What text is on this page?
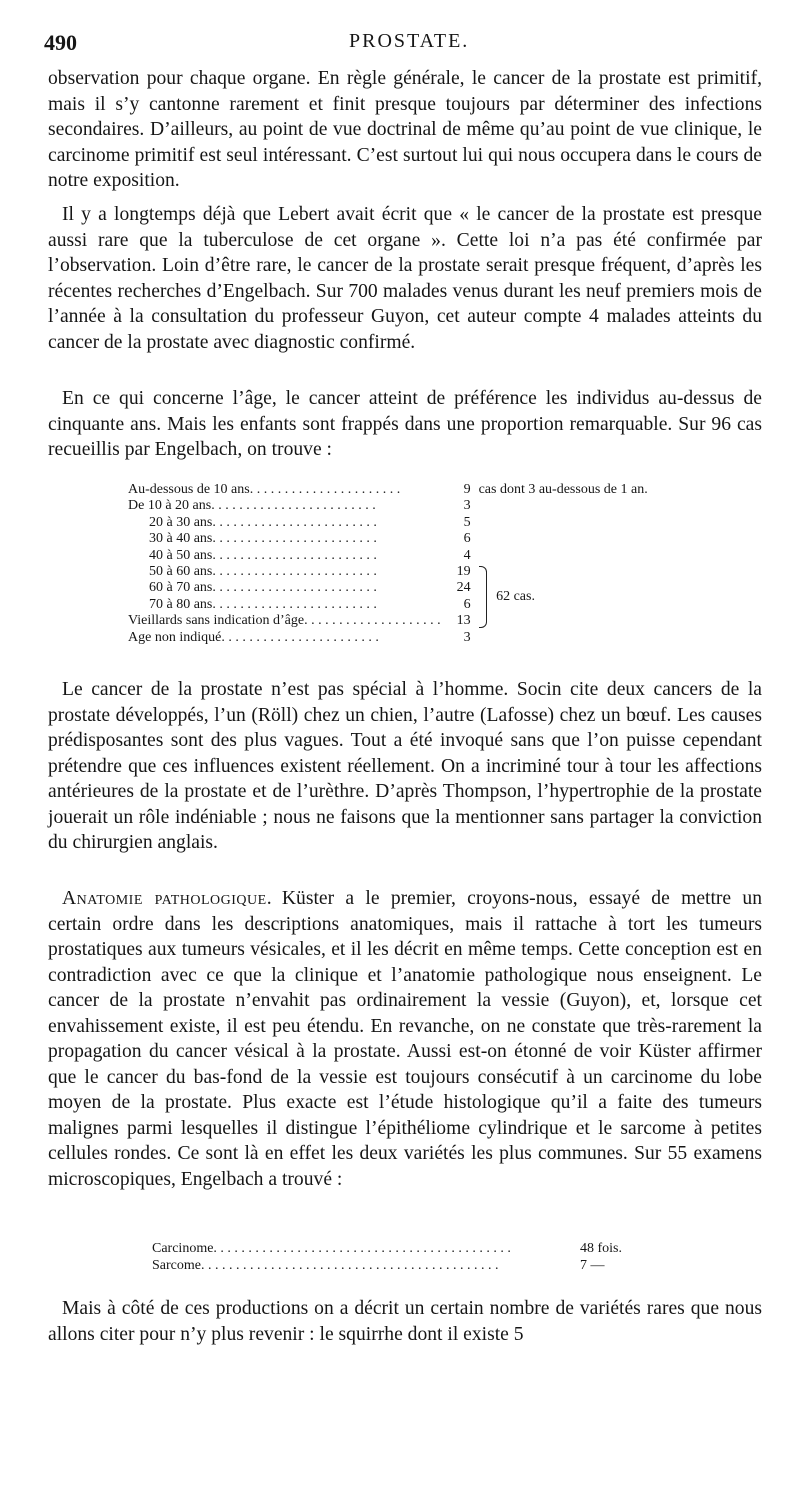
490	PROSTATE.

observation pour chaque organe. En règle générale, le cancer de la prostate est primitif, mais il s’y cantonne rarement et finit presque toujours par déterminer des infections secondaires. D’ailleurs, au point de vue doctrinal de même qu’au point de vue clinique, le carcinome primitif est seul intéressant. C’est surtout lui qui nous occupera dans le cours de notre exposition.

Il y a longtemps déjà que Lebert avait écrit que « le cancer de la prostate est presque aussi rare que la tuberculose de cet organe ». Cette loi n’a pas été confirmée par l’observation. Loin d’être rare, le cancer de la prostate serait presque fréquent, d’après les récentes recherches d’Engelbach. Sur 700 malades venus durant les neuf premiers mois de l’année à la consultation du professeur Guyon, cet auteur compte 4 malades atteints du cancer de la prostate avec diagnostic confirmé.

En ce qui concerne l’âge, le cancer atteint de préférence les individus au-dessus de cinquante ans. Mais les enfants sont frappés dans une proportion remarquable. Sur 96 cas recueillis par Engelbach, on trouve :

Au-dessous de 10 ans. . . . . . . . . . . . . . . . . . . . . .	9	cas dont 3 au-dessous de 1 an.
De 10 à 20 ans. . . . . . . . . . . . . . . . . . . . . . . .	3	
  20 à 30 ans. . . . . . . . . . . . . . . . . . . . . . . .	5	
  30 à 40 ans. . . . . . . . . . . . . . . . . . . . . . . .	6	
  40 à 50 ans. . . . . . . . . . . . . . . . . . . . . . . .	4	
  50 à 60 ans. . . . . . . . . . . . . . . . . . . . . . . .	19	62 cas.
  60 à 70 ans. . . . . . . . . . . . . . . . . . . . . . . .	24	
  70 à 80 ans. . . . . . . . . . . . . . . . . . . . . . . .	6	
Vieillards sans indication d’âge. . . . . . . . . . . . . . . . . . . .	13	
Age non indiqué. . . . . . . . . . . . . . . . . . . . . . .	3	

Le cancer de la prostate n’est pas spécial à l’homme. Socin cite deux cancers de la prostate développés, l’un (Röll) chez un chien, l’autre (Lafosse) chez un bœuf. Les causes prédisposantes sont des plus vagues. Tout a été invoqué sans que l’on puisse cependant prétendre que ces influences existent réellement. On a incriminé tour à tour les affections antérieures de la prostate et de l’urèthre. D’après Thompson, l’hypertrophie de la prostate jouerait un rôle indéniable ; nous ne faisons que la mentionner sans partager la conviction du chirurgien anglais.

Anatomie pathologique.  Küster a le premier, croyons-nous, essayé de mettre un certain ordre dans les descriptions anatomiques, mais il rattache à tort les tumeurs prostatiques aux tumeurs vésicales, et il les décrit en même temps. Cette conception est en contradiction avec ce que la clinique et l’anatomie pathologique nous enseignent. Le cancer de la prostate n’envahit pas ordinairement la vessie (Guyon), et, lorsque cet envahissement existe, il est peu étendu. En revanche, on ne constate que très-rarement la propagation du cancer vésical à la prostate. Aussi est-on étonné de voir Küster affirmer que le cancer du bas-fond de la vessie est toujours consécutif à un carcinome du lobe moyen de la prostate. Plus exacte est l’étude histologique qu’il a faite des tumeurs malignes parmi lesquelles il distingue l’épithéliome cylindrique et le sarcome à petites cellules rondes. Ce sont là en effet les deux variétés les plus communes. Sur 55 examens microscopiques, Engelbach a trouvé :

Carcinome. . . . . . . . . . . . . . . . . . . . . . . . . . . . . . . . . . . . . . . . . . .	48 fois.
Sarcome. . . . . . . . . . . . . . . . . . . . . . . . . . . . . . . . . . . . . . . . . . .	7 —

Mais à côté de ces productions on a décrit un certain nombre de variétés rares que nous allons citer pour n’y plus revenir : le squirrhe dont il existe 5
